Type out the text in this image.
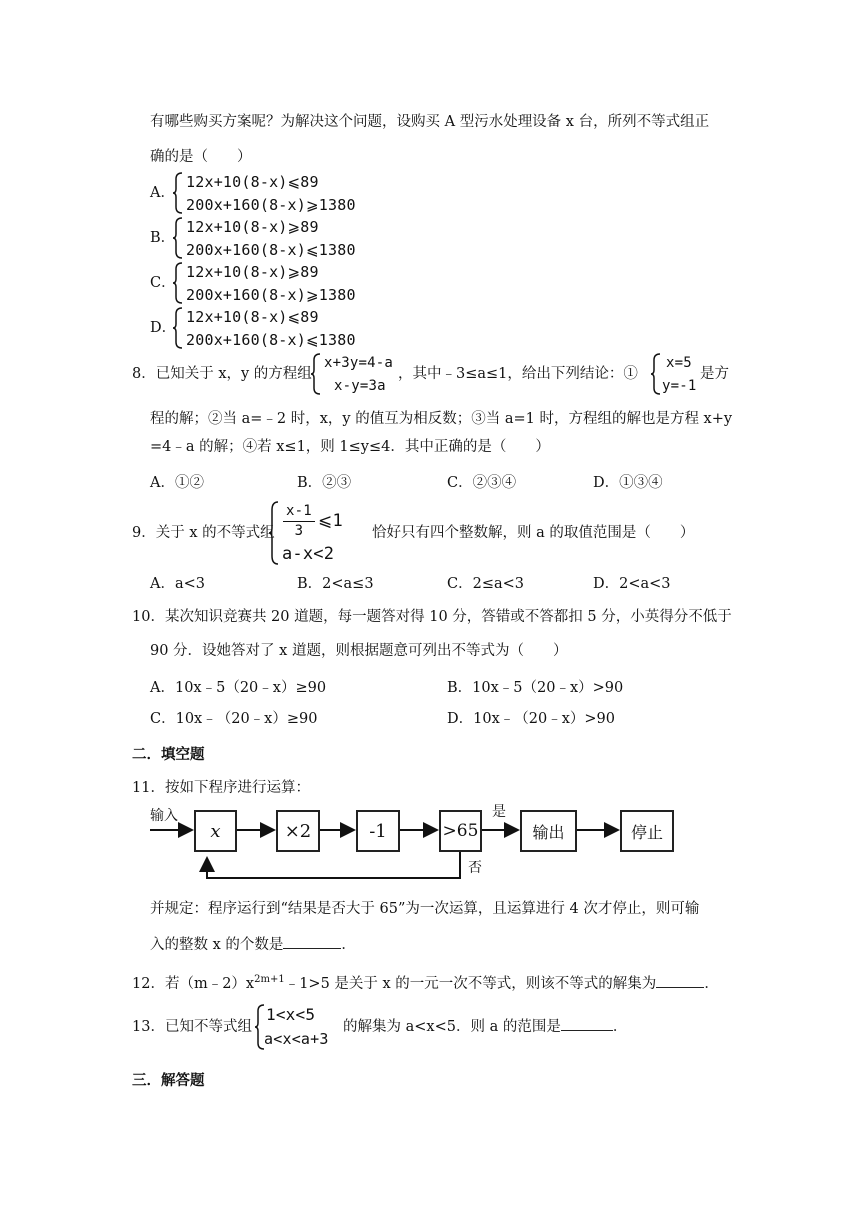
有哪些购买方案呢？为解决这个问题，设购买 A 型污水处理设备 x 台，所列不等式组正
确的是（　　）
A．
12x+10(8-x)⩽89
200x+160(8-x)⩾1380
B．
12x+10(8-x)⩾89
200x+160(8-x)⩽1380
C．
12x+10(8-x)⩾89
200x+160(8-x)⩾1380
D．
12x+10(8-x)⩽89
200x+160(8-x)⩽1380
8．已知关于 x，y 的方程组
x+3y=4-a
x-y=3a
，其中﹣3≤a≤1，给出下列结论：①
x=5
y=-1
是方
程的解；②当 a=﹣2 时，x，y 的值互为相反数；③当 a=1 时，方程组的解也是方程 x+y
=4﹣a 的解；④若 x≤1，则 1≤y≤4．其中正确的是（　　）
A．①②	B．②③	C．②③④	D．①③④
9．关于 x 的不等式组
x-1
3 ⩽1
a-x<2
恰好只有四个整数解，则 a 的取值范围是（　　）
A．a<3	B．2<a≤3	C．2≤a<3	D．2<a<3
10．某次知识竞赛共 20 道题，每一题答对得 10 分，答错或不答都扣 5 分，小英得分不低于
90 分．设她答对了 x 道题，则根据题意可列出不等式为（　　）
A．10x﹣5（20﹣x）≥90	B．10x﹣5（20﹣x）>90
C．10x﹣（20﹣x）≥90	D．10x﹣（20﹣x）>90
二．填空题
11．按如下程序进行运算：
输入
x	×2	-1	>65
是
输出	停止
否
并规定：程序运行到“结果是否大于 65”为一次运算，且运算进行 4 次才停止，则可输
入的整数 x 的个数是	．
12．若$(m﹣2)x^{2m+1}﹣1>5$ 是关于 x 的一元一次不等式，则该不等式的解集为	．
13．已知不等式组
1<x<5
a<x<a+3
的解集为 a<x<5．则 a 的范围是	．
三．解答题
